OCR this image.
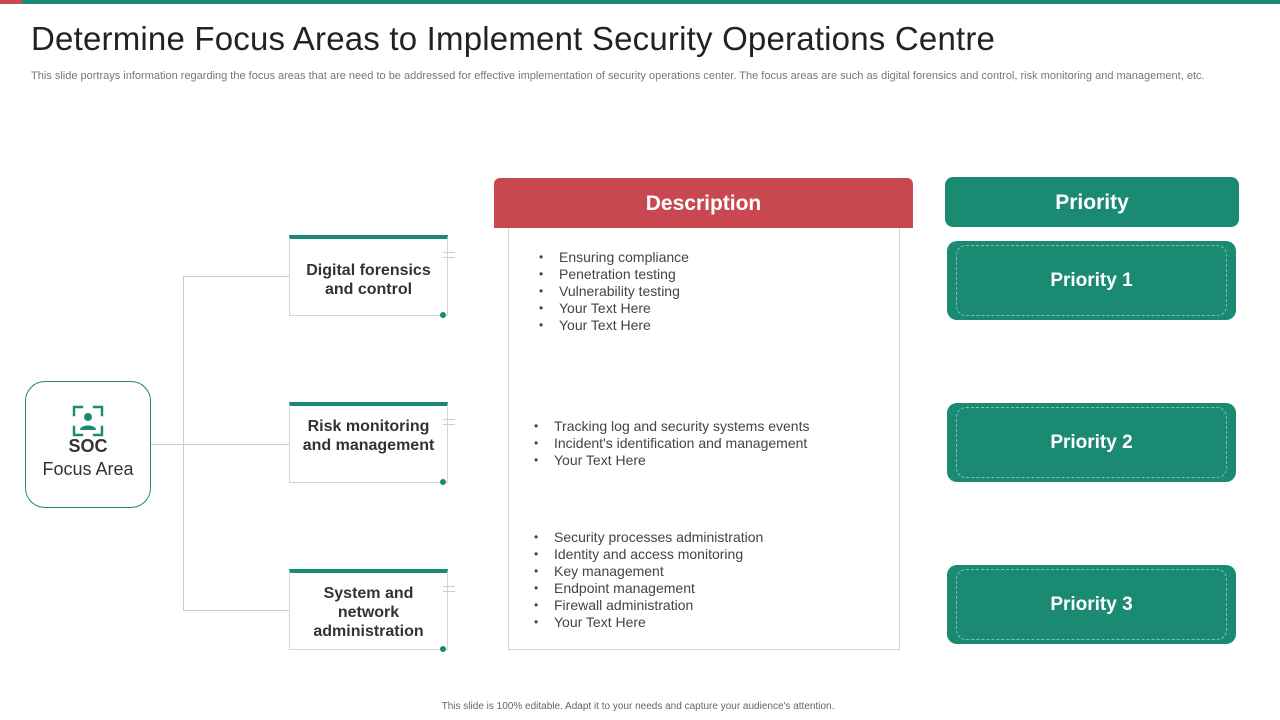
Determine Focus Areas to Implement Security Operations Centre
This slide portrays information regarding the focus areas that are need to be addressed for effective implementation of security operations center. The focus areas are such as digital forensics and control, risk monitoring and management, etc.
SOC
Focus Area
Digital forensics and control
Risk monitoring and management
System and network administration
Description
• Ensuring compliance
• Penetration testing
• Vulnerability testing
• Your Text Here
• Your Text Here
• Tracking log and security systems events
• Incident's identification and management
• Your Text Here
• Security processes administration
• Identity and access monitoring
• Key management
• Endpoint management
• Firewall administration
• Your Text Here
Priority
Priority 1
Priority 2
Priority 3
This slide is 100% editable. Adapt it to your needs and capture your audience's attention.
